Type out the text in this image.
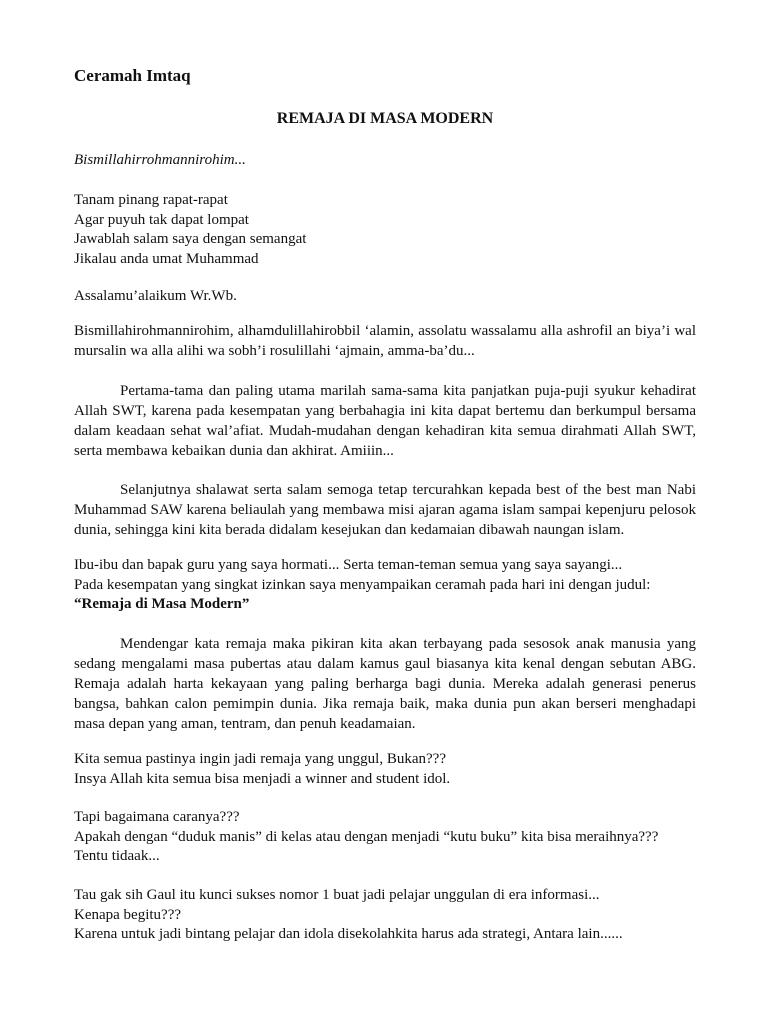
Ceramah Imtaq
REMAJA DI MASA MODERN
Bismillahirrohmannirohim...
Tanam pinang rapat-rapat
Agar puyuh tak dapat lompat
Jawablah salam saya dengan semangat
Jikalau anda umat Muhammad
Assalamu’alaikum Wr.Wb.
Bismillahirohmannirohim, alhamdulillahirobbil ‘alamin, assolatu wassalamu alla ashrofil an biya’i wal mursalin wa alla alihi wa sobh’i rosulillahi ‘ajmain, amma-ba’du...
Pertama-tama dan paling utama marilah sama-sama kita panjatkan puja-puji syukur kehadirat Allah SWT, karena pada kesempatan yang berbahagia ini kita dapat bertemu dan berkumpul bersama dalam keadaan sehat wal’afiat. Mudah-mudahan dengan kehadiran kita semua dirahmati Allah SWT, serta membawa kebaikan dunia dan akhirat. Amiiin...
Selanjutnya shalawat serta salam semoga tetap tercurahkan kepada best of the best man Nabi Muhammad SAW karena beliaulah yang membawa misi ajaran agama islam sampai kepenjuru pelosok dunia, sehingga kini kita berada didalam kesejukan dan kedamaian dibawah naungan islam.
Ibu-ibu dan bapak guru yang saya hormati... Serta teman-teman semua yang saya sayangi...
Pada kesempatan yang singkat izinkan saya menyampaikan ceramah pada hari ini dengan judul:
“Remaja di Masa Modern”
Mendengar kata remaja maka pikiran kita akan terbayang pada sesosok anak manusia yang sedang mengalami masa pubertas atau dalam kamus gaul biasanya kita kenal dengan sebutan ABG. Remaja adalah harta kekayaan yang paling berharga bagi dunia. Mereka adalah generasi penerus bangsa, bahkan calon pemimpin dunia. Jika remaja baik, maka dunia pun akan berseri menghadapi masa depan yang aman, tentram, dan penuh keadamaian.
Kita semua pastinya ingin jadi remaja yang unggul, Bukan???
Insya Allah kita semua bisa menjadi a winner and student idol.
Tapi bagaimana caranya???
Apakah dengan “duduk manis” di kelas atau dengan menjadi “kutu buku” kita bisa meraihnya???
Tentu tidaak...
Tau gak sih Gaul itu kunci sukses nomor 1 buat jadi pelajar unggulan di era informasi...
Kenapa begitu???
Karena untuk jadi bintang pelajar dan idola disekolahkita harus ada strategi, Antara lain......
